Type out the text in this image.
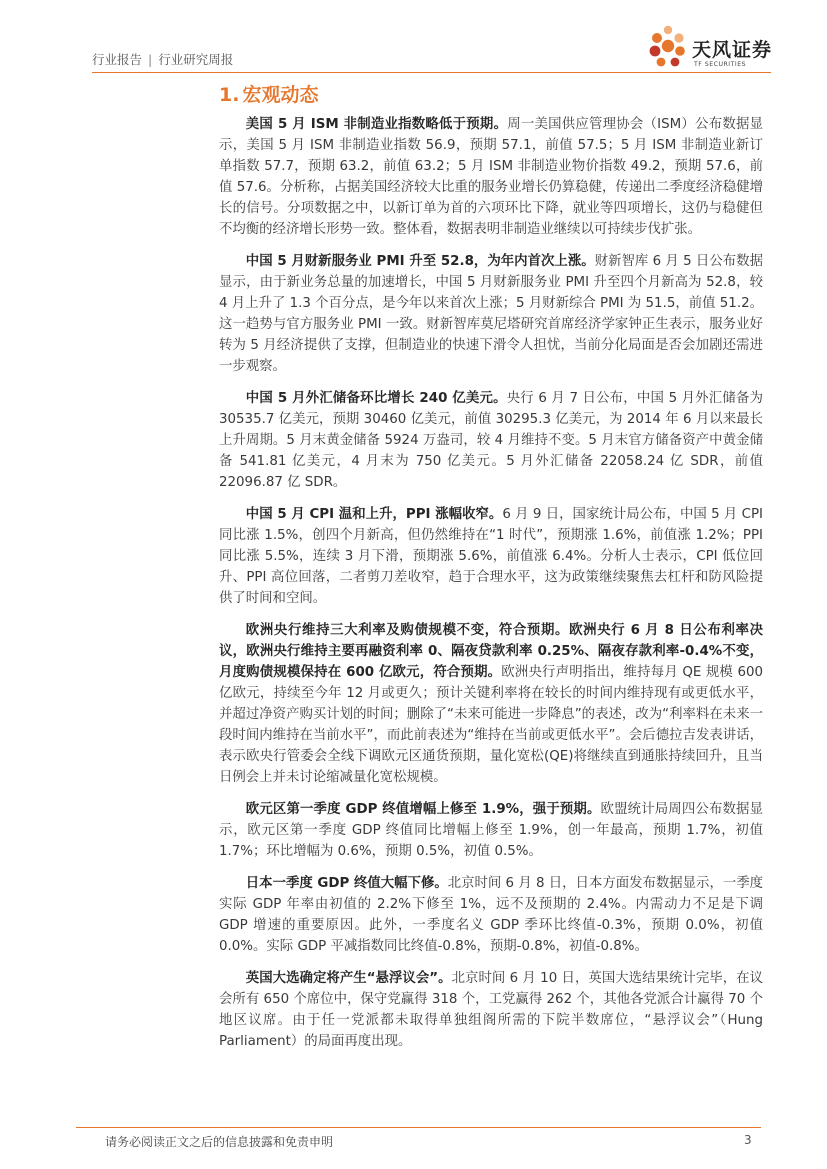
行业报告 | 行业研究周报	天风证券
TF SECURITIES
1. 宏观动态

美国 5 月 ISM 非制造业指数略低于预期。周一美国供应管理协会（ISM）公布数据显示，美国 5 月 ISM 非制造业指数 56.9，预期 57.1，前值 57.5；5 月 ISM 非制造业新订单指数 57.7，预期 63.2，前值 63.2；5 月 ISM 非制造业物价指数 49.2，预期 57.6，前值 57.6。分析称，占据美国经济较大比重的服务业增长仍算稳健，传递出二季度经济稳健增长的信号。分项数据之中，以新订单为首的六项环比下降，就业等四项增长，这仍与稳健但不均衡的经济增长形势一致。整体看，数据表明非制造业继续以可持续步伐扩张。

中国 5 月财新服务业 PMI 升至 52.8，为年内首次上涨。财新智库 6 月 5 日公布数据显示，由于新业务总量的加速增长，中国 5 月财新服务业 PMI 升至四个月新高为 52.8，较 4 月上升了 1.3 个百分点，是今年以来首次上涨；5 月财新综合 PMI 为 51.5，前值 51.2。这一趋势与官方服务业 PMI 一致。财新智库莫尼塔研究首席经济学家钟正生表示，服务业好转为 5 月经济提供了支撑，但制造业的快速下滑令人担忧，当前分化局面是否会加剧还需进一步观察。

中国 5 月外汇储备环比增长 240 亿美元。央行 6 月 7 日公布，中国 5 月外汇储备为 30535.7 亿美元，预期 30460 亿美元，前值 30295.3 亿美元，为 2014 年 6 月以来最长上升周期。5 月末黄金储备 5924 万盎司，较 4 月维持不变。5 月末官方储备资产中黄金储备 541.81 亿美元，4 月末为 750 亿美元。5 月外汇储备 22058.24 亿 SDR，前值 22096.87 亿 SDR。

中国 5 月 CPI 温和上升，PPI 涨幅收窄。6 月 9 日，国家统计局公布，中国 5 月 CPI 同比涨 1.5%，创四个月新高，但仍然维持在“1 时代”，预期涨 1.6%，前值涨 1.2%；PPI 同比涨 5.5%，连续 3 月下滑，预期涨 5.6%，前值涨 6.4%。分析人士表示，CPI 低位回升、PPI 高位回落，二者剪刀差收窄，趋于合理水平，这为政策继续聚焦去杠杆和防风险提供了时间和空间。

欧洲央行维持三大利率及购债规模不变，符合预期。欧洲央行 6 月 8 日公布利率决议，欧洲央行维持主要再融资利率 0、隔夜贷款利率 0.25%、隔夜存款利率-0.4%不变，月度购债规模保持在 600 亿欧元，符合预期。欧洲央行声明指出，维持每月 QE 规模 600 亿欧元，持续至今年 12 月或更久；预计关键利率将在较长的时间内维持现有或更低水平，并超过净资产购买计划的时间；删除了“未来可能进一步降息”的表述，改为“利率料在未来一段时间内维持在当前水平”，而此前表述为“维持在当前或更低水平”。会后德拉吉发表讲话，表示欧央行管委会全线下调欧元区通货预期，量化宽松(QE)将继续直到通胀持续回升，且当日例会上并未讨论缩减量化宽松规模。

欧元区第一季度 GDP 终值增幅上修至 1.9%，强于预期。欧盟统计局周四公布数据显示，欧元区第一季度 GDP 终值同比增幅上修至 1.9%，创一年最高，预期 1.7%，初值 1.7%；环比增幅为 0.6%，预期 0.5%，初值 0.5%。

日本一季度 GDP 终值大幅下修。北京时间 6 月 8 日，日本方面发布数据显示，一季度实际 GDP 年率由初值的 2.2%下修至 1%，远不及预期的 2.4%。内需动力不足是下调 GDP 增速的重要原因。此外，一季度名义 GDP 季环比终值-0.3%，预期 0.0%，初值 0.0%。实际 GDP 平减指数同比终值-0.8%，预期-0.8%，初值-0.8%。

英国大选确定将产生“悬浮议会”。北京时间 6 月 10 日，英国大选结果统计完毕，在议会所有 650 个席位中，保守党赢得 318 个，工党赢得 262 个，其他各党派合计赢得 70 个地区议席。由于任一党派都未取得单独组阁所需的下院半数席位，“悬浮议会”（Hung Parliament）的局面再度出现。

请务必阅读正文之后的信息披露和免责申明	3
